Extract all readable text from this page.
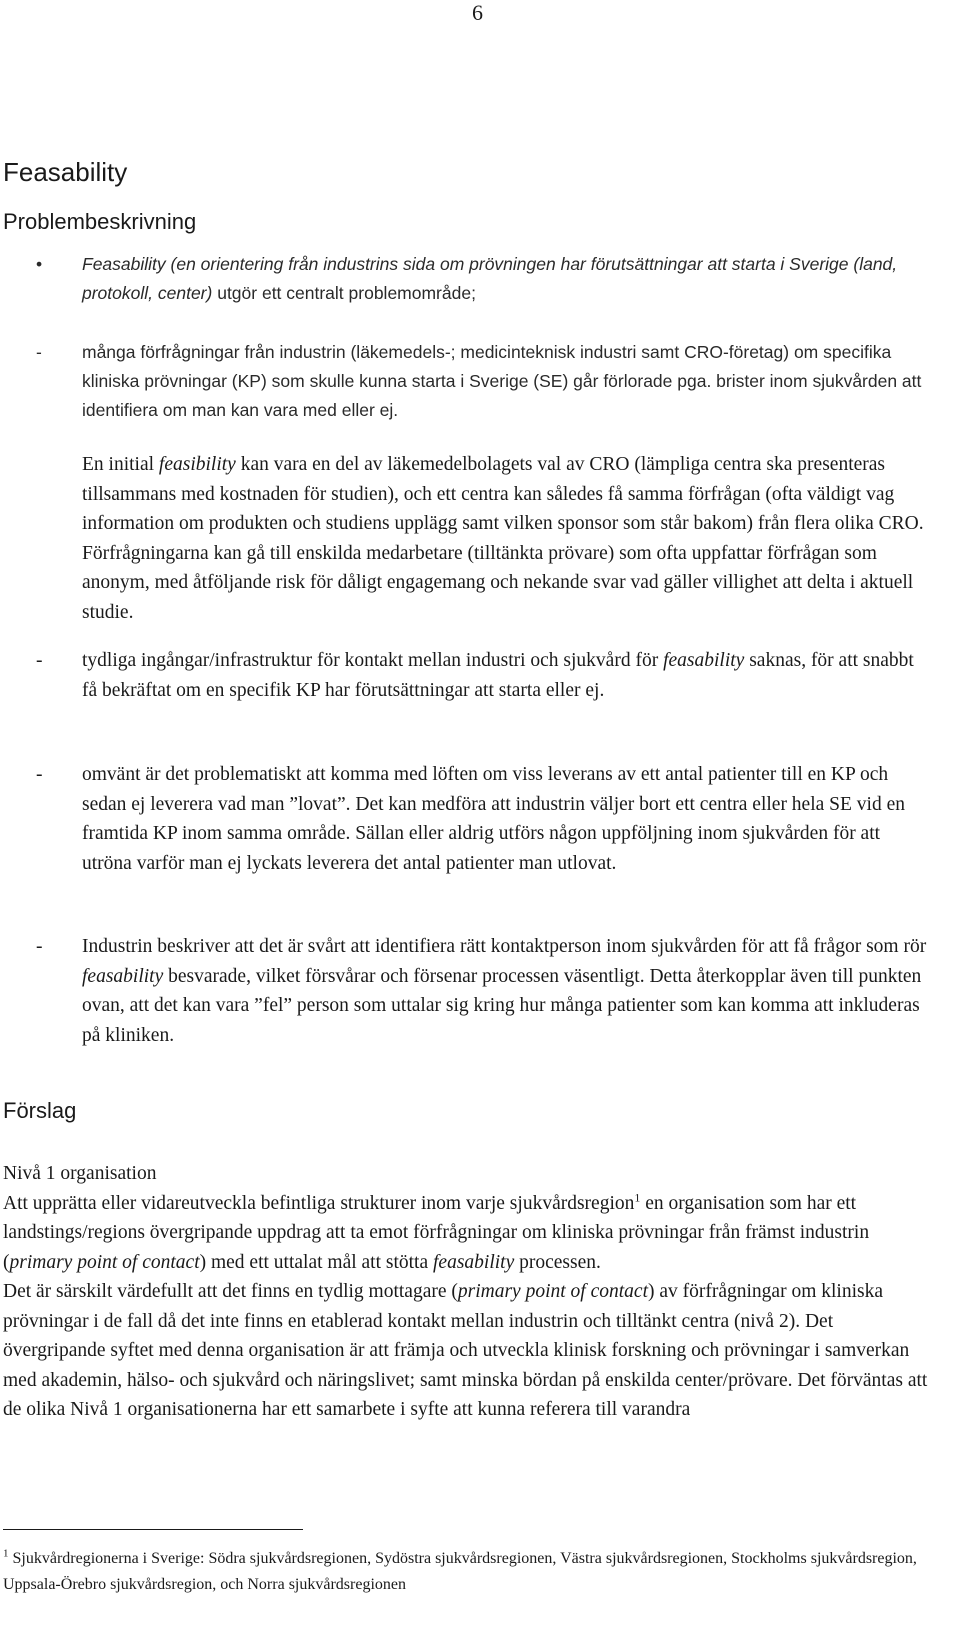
6
Feasability
Problembeskrivning
• Feasability (en orientering från industrins sida om prövningen har förutsättningar att starta i Sverige (land, protokoll, center) utgör ett centralt problemområde;
- många förfrågningar från industrin (läkemedels-; medicinteknisk industri samt CRO-företag) om specifika kliniska prövningar (KP) som skulle kunna starta i Sverige (SE) går förlorade pga. brister inom sjukvården att identifiera om man kan vara med eller ej.
En initial feasibility kan vara en del av läkemedelbolagets val av CRO (lämpliga centra ska presenteras tillsammans med kostnaden för studien), och ett centra kan således få samma förfrågan (ofta väldigt vag information om produkten och studiens upplägg samt vilken sponsor som står bakom) från flera olika CRO. Förfrågningarna kan gå till enskilda medarbetare (tilltänkta prövare) som ofta uppfattar förfrågan som anonym, med åtföljande risk för dåligt engagemang och nekande svar vad gäller villighet att delta i aktuell studie.
- tydliga ingångar/infrastruktur för kontakt mellan industri och sjukvård för feasability saknas, för att snabbt få bekräftat om en specifik KP har förutsättningar att starta eller ej.
- omvänt är det problematiskt att komma med löften om viss leverans av ett antal patienter till en KP och sedan ej leverera vad man ”lovat”. Det kan medföra att industrin väljer bort ett centra eller hela SE vid en framtida KP inom samma område. Sällan eller aldrig utförs någon uppföljning inom sjukvården för att utröna varför man ej lyckats leverera det antal patienter man utlovat.
- Industrin beskriver att det är svårt att identifiera rätt kontaktperson inom sjukvården för att få frågor som rör feasability besvarade, vilket försvårar och försenar processen väsentligt. Detta återkopplar även till punkten ovan, att det kan vara ”fel” person som uttalar sig kring hur många patienter som kan komma att inkluderas på kliniken.
Förslag

Nivå 1 organisation

Att upprätta eller vidareutveckla befintliga strukturer inom varje sjukvårdsregion$^1$ en organisation som har ett landstings/regions övergripande uppdrag att ta emot förfrågningar om kliniska prövningar från främst industrin (primary point of contact) med ett uttalat mål att stötta feasability processen.

Det är särskilt värdefullt att det finns en tydlig mottagare (primary point of contact) av förfrågningar om kliniska prövningar i de fall då det inte finns en etablerad kontakt mellan industrin och tilltänkt centra (nivå 2). Det övergripande syftet med denna organisation är att främja och utveckla klinisk forskning och prövningar i samverkan med akademin, hälso- och sjukvård och näringslivet; samt minska bördan på enskilda center/prövare. Det förväntas att de olika Nivå 1 organisationerna har ett samarbete i syfte att kunna referera till varandra

$^1$ Sjukvårdregionerna i Sverige: Södra sjukvårdsregionen, Sydöstra sjukvårdsregionen, Västra sjukvårdsregionen, Stockholms sjukvårdsregion, Uppsala-Örebro sjukvårdsregion, och Norra sjukvårdsregionen
